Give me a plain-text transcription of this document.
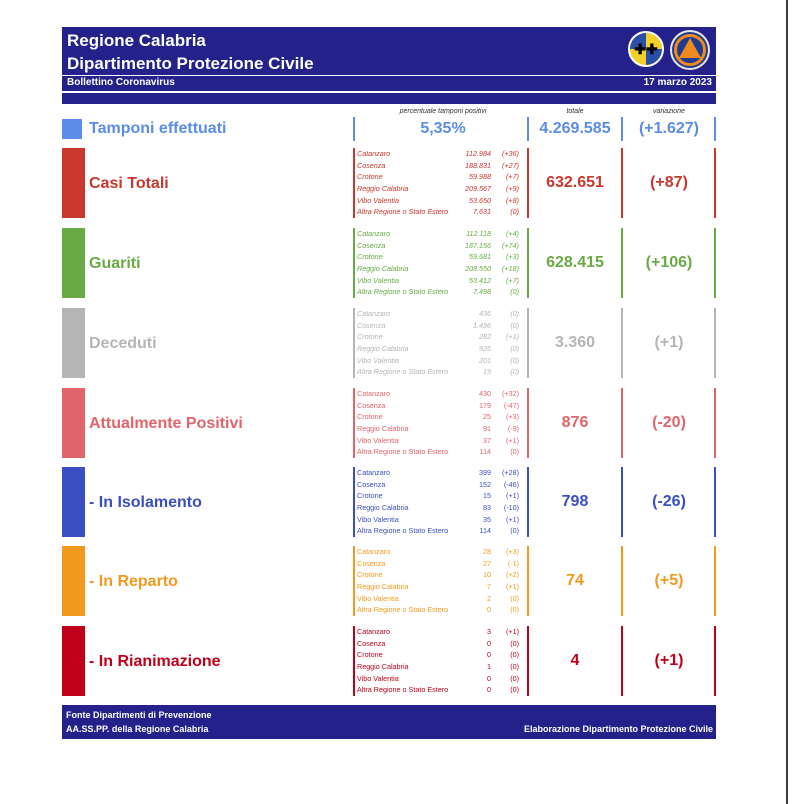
Regione Calabria
Dipartimento Protezione Civile
Bollettino Coronavirus	17 marzo 2023
✚✚
percentuale tamponi positivi	totale	variazione
Tamponi effettuati	5,35%	4.269.585	(+1.627)
Casi Totali
Catanzaro	112.984 (+36)
Cosenza	188.831 (+27)
Crotone	59.988 (+7)
Reggio Calabria	209.567 (+9)
Vibo Valentia	53.650 (+8)
Altra Regione o Stato Estero	7.631	(0)
632.651	(+87)
Guariti
Catanzaro	112.118 (+4)
Cosenza	187.156 (+74)
Crotone	59.681 (+3)
Reggio Calabria	208.550 (+18)
Vibo Valentia	53.412 (+7)
Altra Regione o Stato Estero	7.498	(0)
628.415	(+106)
Deceduti
Catanzaro	436	(0)
Cosenza	1.496	(0)
Crotone	282 (+1)
Reggio Calabria	926	(0)
Vibo Valentia	201	(0)
Altra Regione o Stato Estero	19	(0)
3.360	(+1)
Attualmente Positivi
Catanzaro	430 (+32)
Cosenza	179 (-47)
Crotone	25 (+3)
Reggio Calabria	91 (-9)
Vibo Valentia	37 (+1)
Altra Regione o Stato Estero	114	(0)
876	(-20)
- In Isolamento
Catanzaro	399 (+28)
Cosenza	152 (-46)
Crotone	15 (+1)
Reggio Calabria	83 (-10)
Vibo Valentia	35 (+1)
Altra Regione o Stato Estero	114	(0)
798	(-26)
- In Reparto
Catanzaro	28 (+3)
Cosenza	27 (-1)
Crotone	10 (+2)
Reggio Calabria	7 (+1)
Vibo Valentia	2	(0)
Altra Regione o Stato Estero	0	(0)
74	(+5)
- In Rianimazione
Catanzaro	3 (+1)
Cosenza	0	(0)
Crotone	0	(0)
Reggio Calabria	1	(0)
Vibo Valentia	0	(0)
Altra Regione o Stato Estero	0	(0)
4	(+1)
Fonte Dipartimenti di Prevenzione
AA.SS.PP. della Regione Calabria	Elaborazione Dipartimento Protezione Civile
